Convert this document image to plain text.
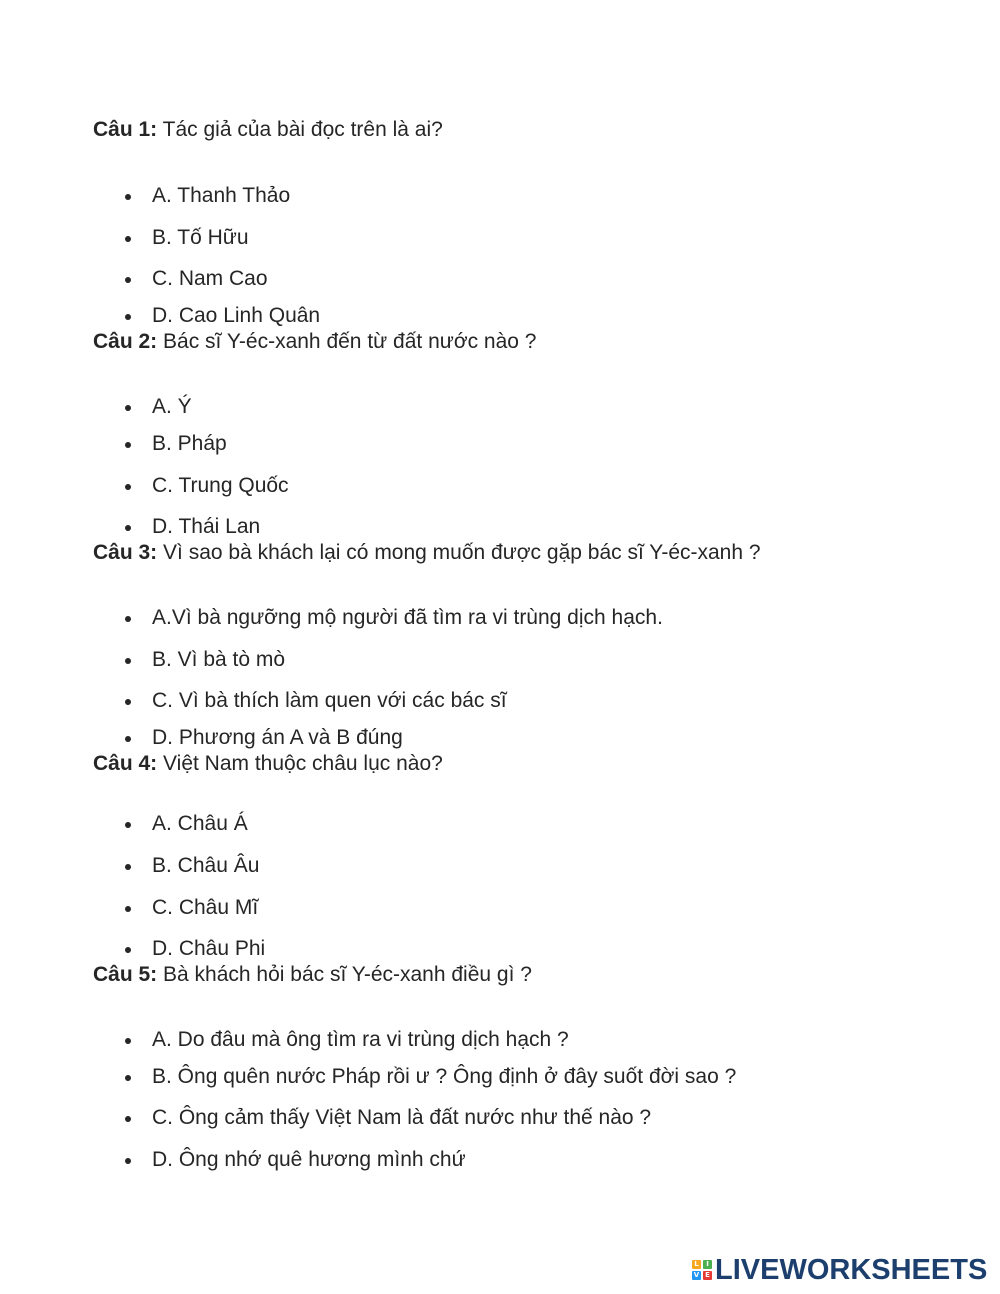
Câu 1: Tác giả của bài đọc trên là ai?
A. Thanh Thảo
B. Tố Hữu
C. Nam Cao
D. Cao Linh Quân
Câu 2: Bác sĩ Y-éc-xanh đến từ đất nước nào ?
A. Ý
B. Pháp
C. Trung Quốc
D. Thái Lan
Câu 3: Vì sao bà khách lại có mong muốn được gặp bác sĩ Y-éc-xanh ?
A.Vì bà ngưỡng mộ người đã tìm ra vi trùng dịch hạch.
B. Vì bà tò mò
C. Vì bà thích làm quen với các bác sĩ
D. Phương án A và B đúng
Câu 4: Việt Nam thuộc châu lục nào?
A. Châu Á
B. Châu Âu
C. Châu Mĩ
D. Châu Phi
Câu 5: Bà khách hỏi bác sĩ Y-éc-xanh điều gì ?
A. Do đâu mà ông tìm ra vi trùng dịch hạch ?
B. Ông quên nước Pháp rồi ư ? Ông định ở đây suốt đời sao ?
C. Ông cảm thấy Việt Nam là đất nước như thế nào ?
D. Ông nhớ quê hương mình chứ
L	I
V E LIVEWORKSHEETS
